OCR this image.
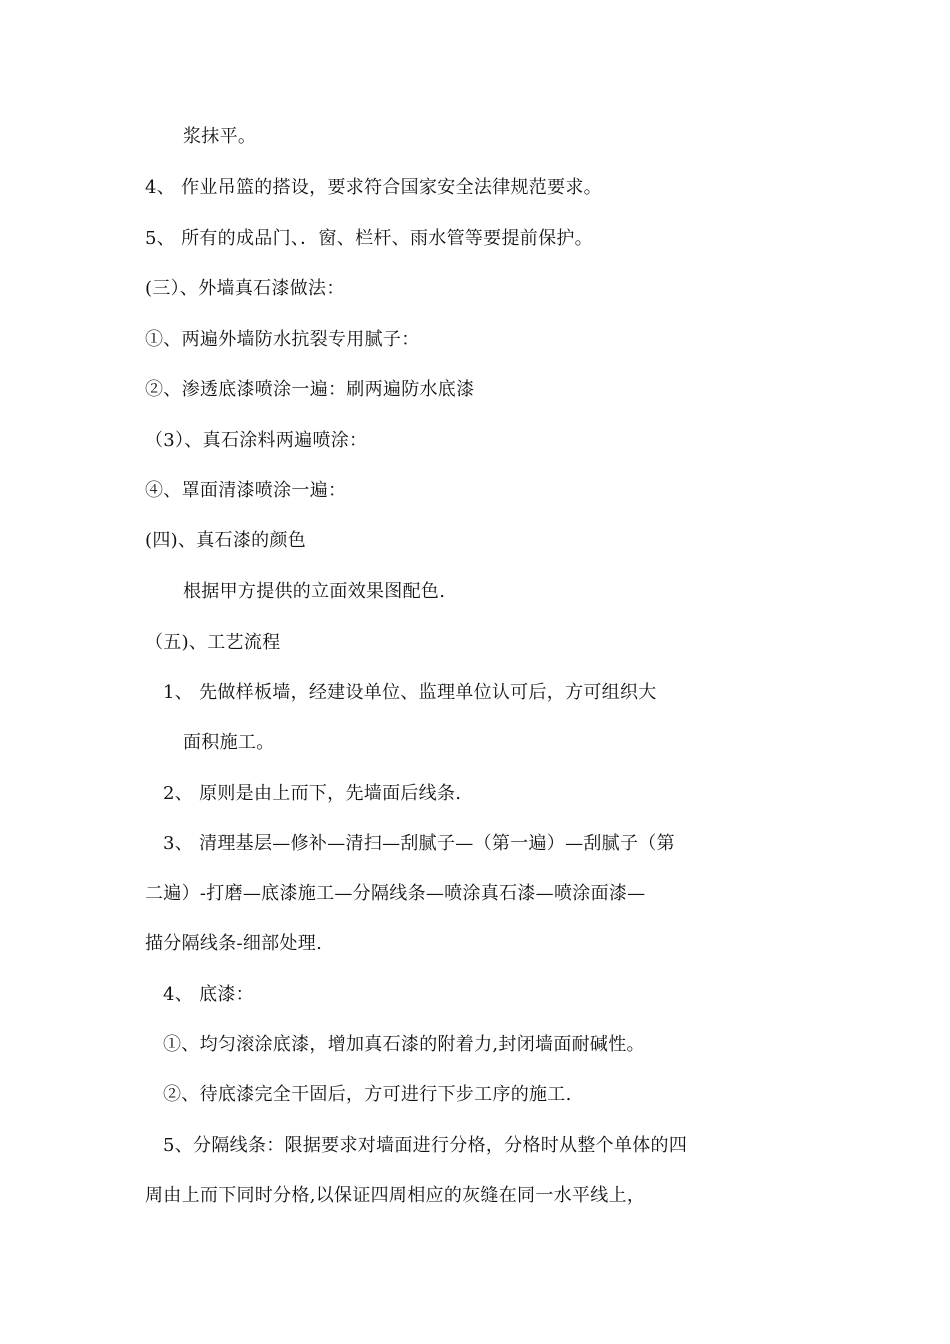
浆抹平。
4、 作业吊篮的搭设，要求符合国家安全法律规范要求。
5、 所有的成品门、．窗、栏杆、雨水管等要提前保护。
(三）、外墙真石漆做法：
①、两遍外墙防水抗裂专用腻子：
②、渗透底漆喷涂一遍：刷两遍防水底漆
（3）、真石涂料两遍喷涂：
④、罩面清漆喷涂一遍：
(四)、真石漆的颜色
根据甲方提供的立面效果图配色.
（五)、工艺流程
1、 先做样板墙，经建设单位、监理单位认可后，方可组织大
面积施工。
2、 原则是由上而下，先墙面后线条.
3、 清理基层—修补—清扫—刮腻子—（第一遍）—刮腻子（第
二遍）-打磨—底漆施工—分隔线条—喷涂真石漆—喷涂面漆—
描分隔线条-细部处理.
4、 底漆：
①、均匀滚涂底漆，增加真石漆的附着力,封闭墙面耐碱性。
②、待底漆完全干固后，方可进行下步工序的施工.
5、分隔线条：限据要求对墙面进行分格，分格时从整个单体的四
周由上而下同时分格,以保证四周相应的灰缝在同一水平线上，
